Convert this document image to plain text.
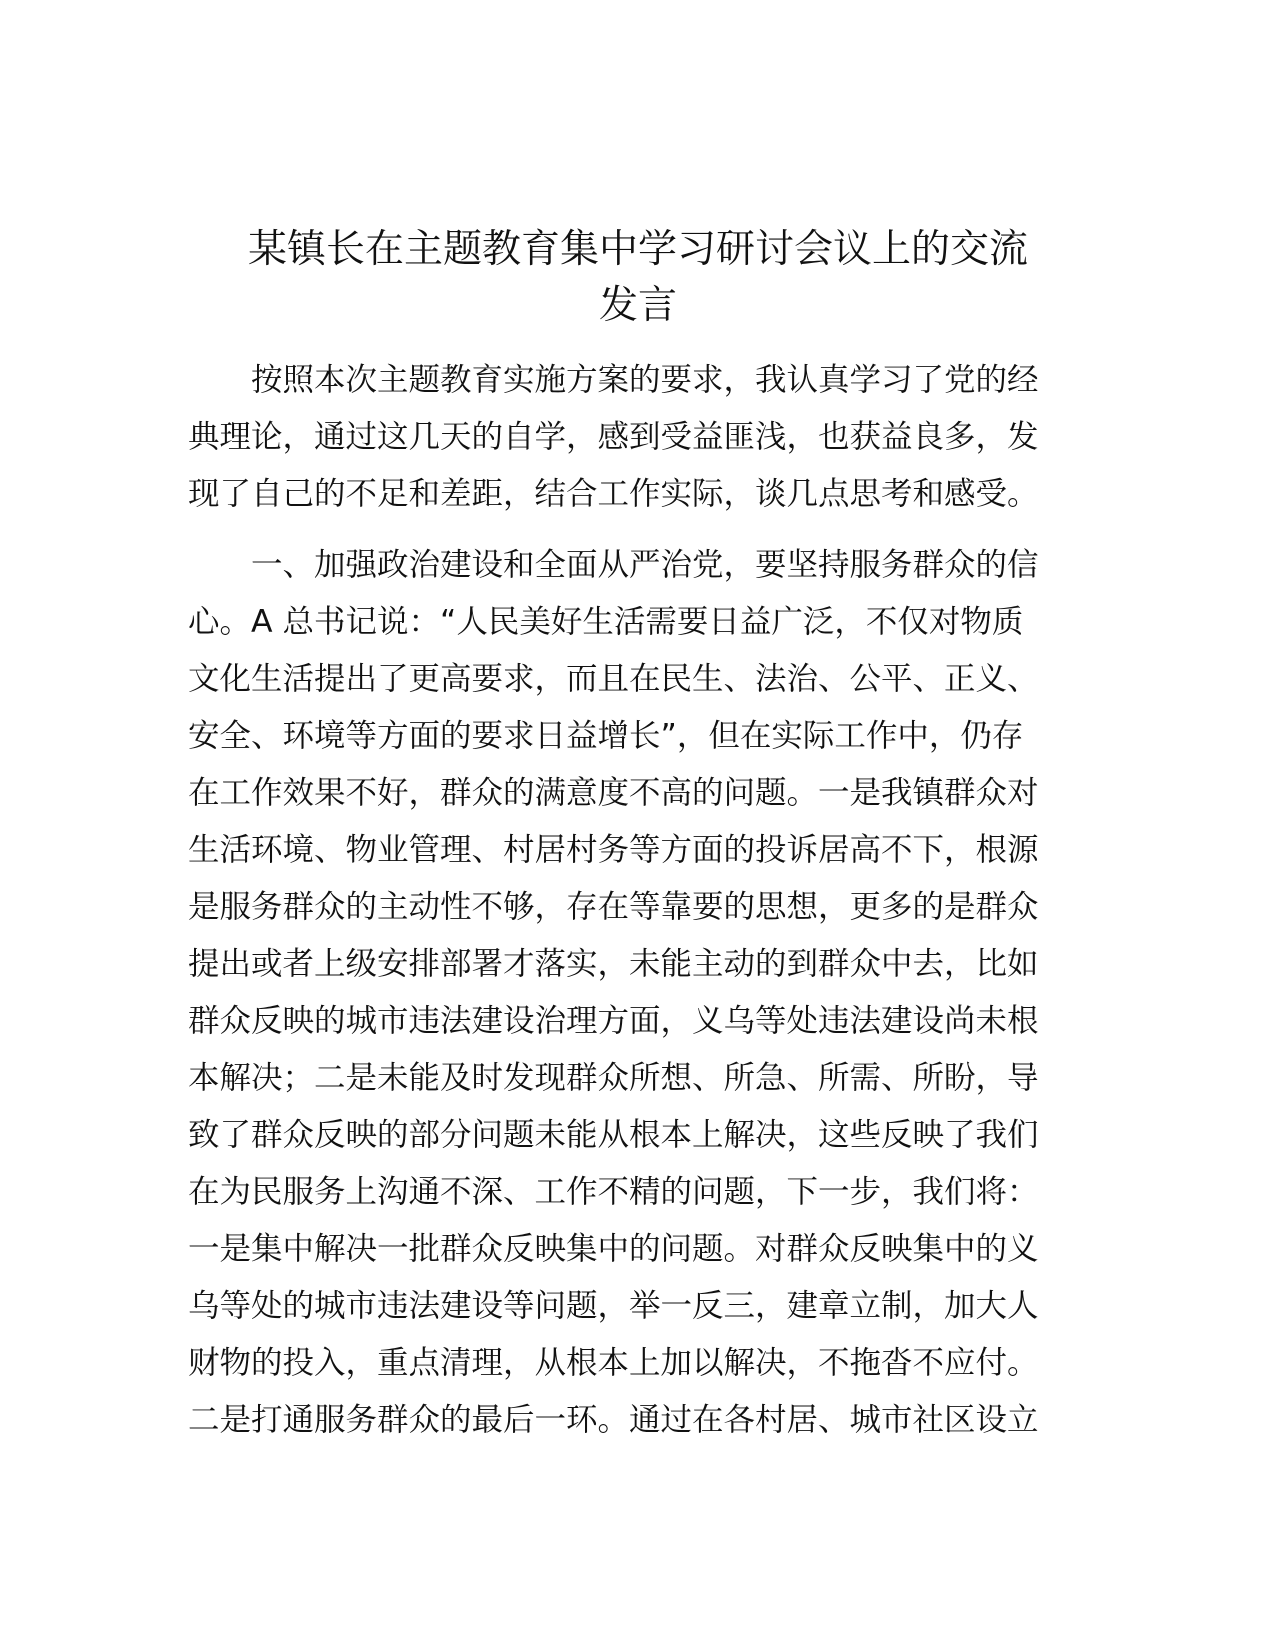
某镇长在主题教育集中学习研讨会议上的交流
发言

　　按照本次主题教育实施方案的要求，我认真学习了党的经
典理论，通过这几天的自学，感到受益匪浅，也获益良多，发
现了自己的不足和差距，结合工作实际，谈几点思考和感受。

　　一、加强政治建设和全面从严治党，要坚持服务群众的信
心。A 总书记说：“人民美好生活需要日益广泛，不仅对物质
文化生活提出了更高要求，而且在民生、法治、公平、正义、
安全、环境等方面的要求日益增长”，但在实际工作中，仍存
在工作效果不好，群众的满意度不高的问题。一是我镇群众对
生活环境、物业管理、村居村务等方面的投诉居高不下，根源
是服务群众的主动性不够，存在等靠要的思想，更多的是群众
提出或者上级安排部署才落实，未能主动的到群众中去，比如
群众反映的城市违法建设治理方面，义乌等处违法建设尚未根
本解决；二是未能及时发现群众所想、所急、所需、所盼，导
致了群众反映的部分问题未能从根本上解决，这些反映了我们
在为民服务上沟通不深、工作不精的问题，下一步，我们将：
一是集中解决一批群众反映集中的问题。对群众反映集中的义
乌等处的城市违法建设等问题，举一反三，建章立制，加大人
财物的投入，重点清理，从根本上加以解决，不拖沓不应付。
二是打通服务群众的最后一环。通过在各村居、城市社区设立
